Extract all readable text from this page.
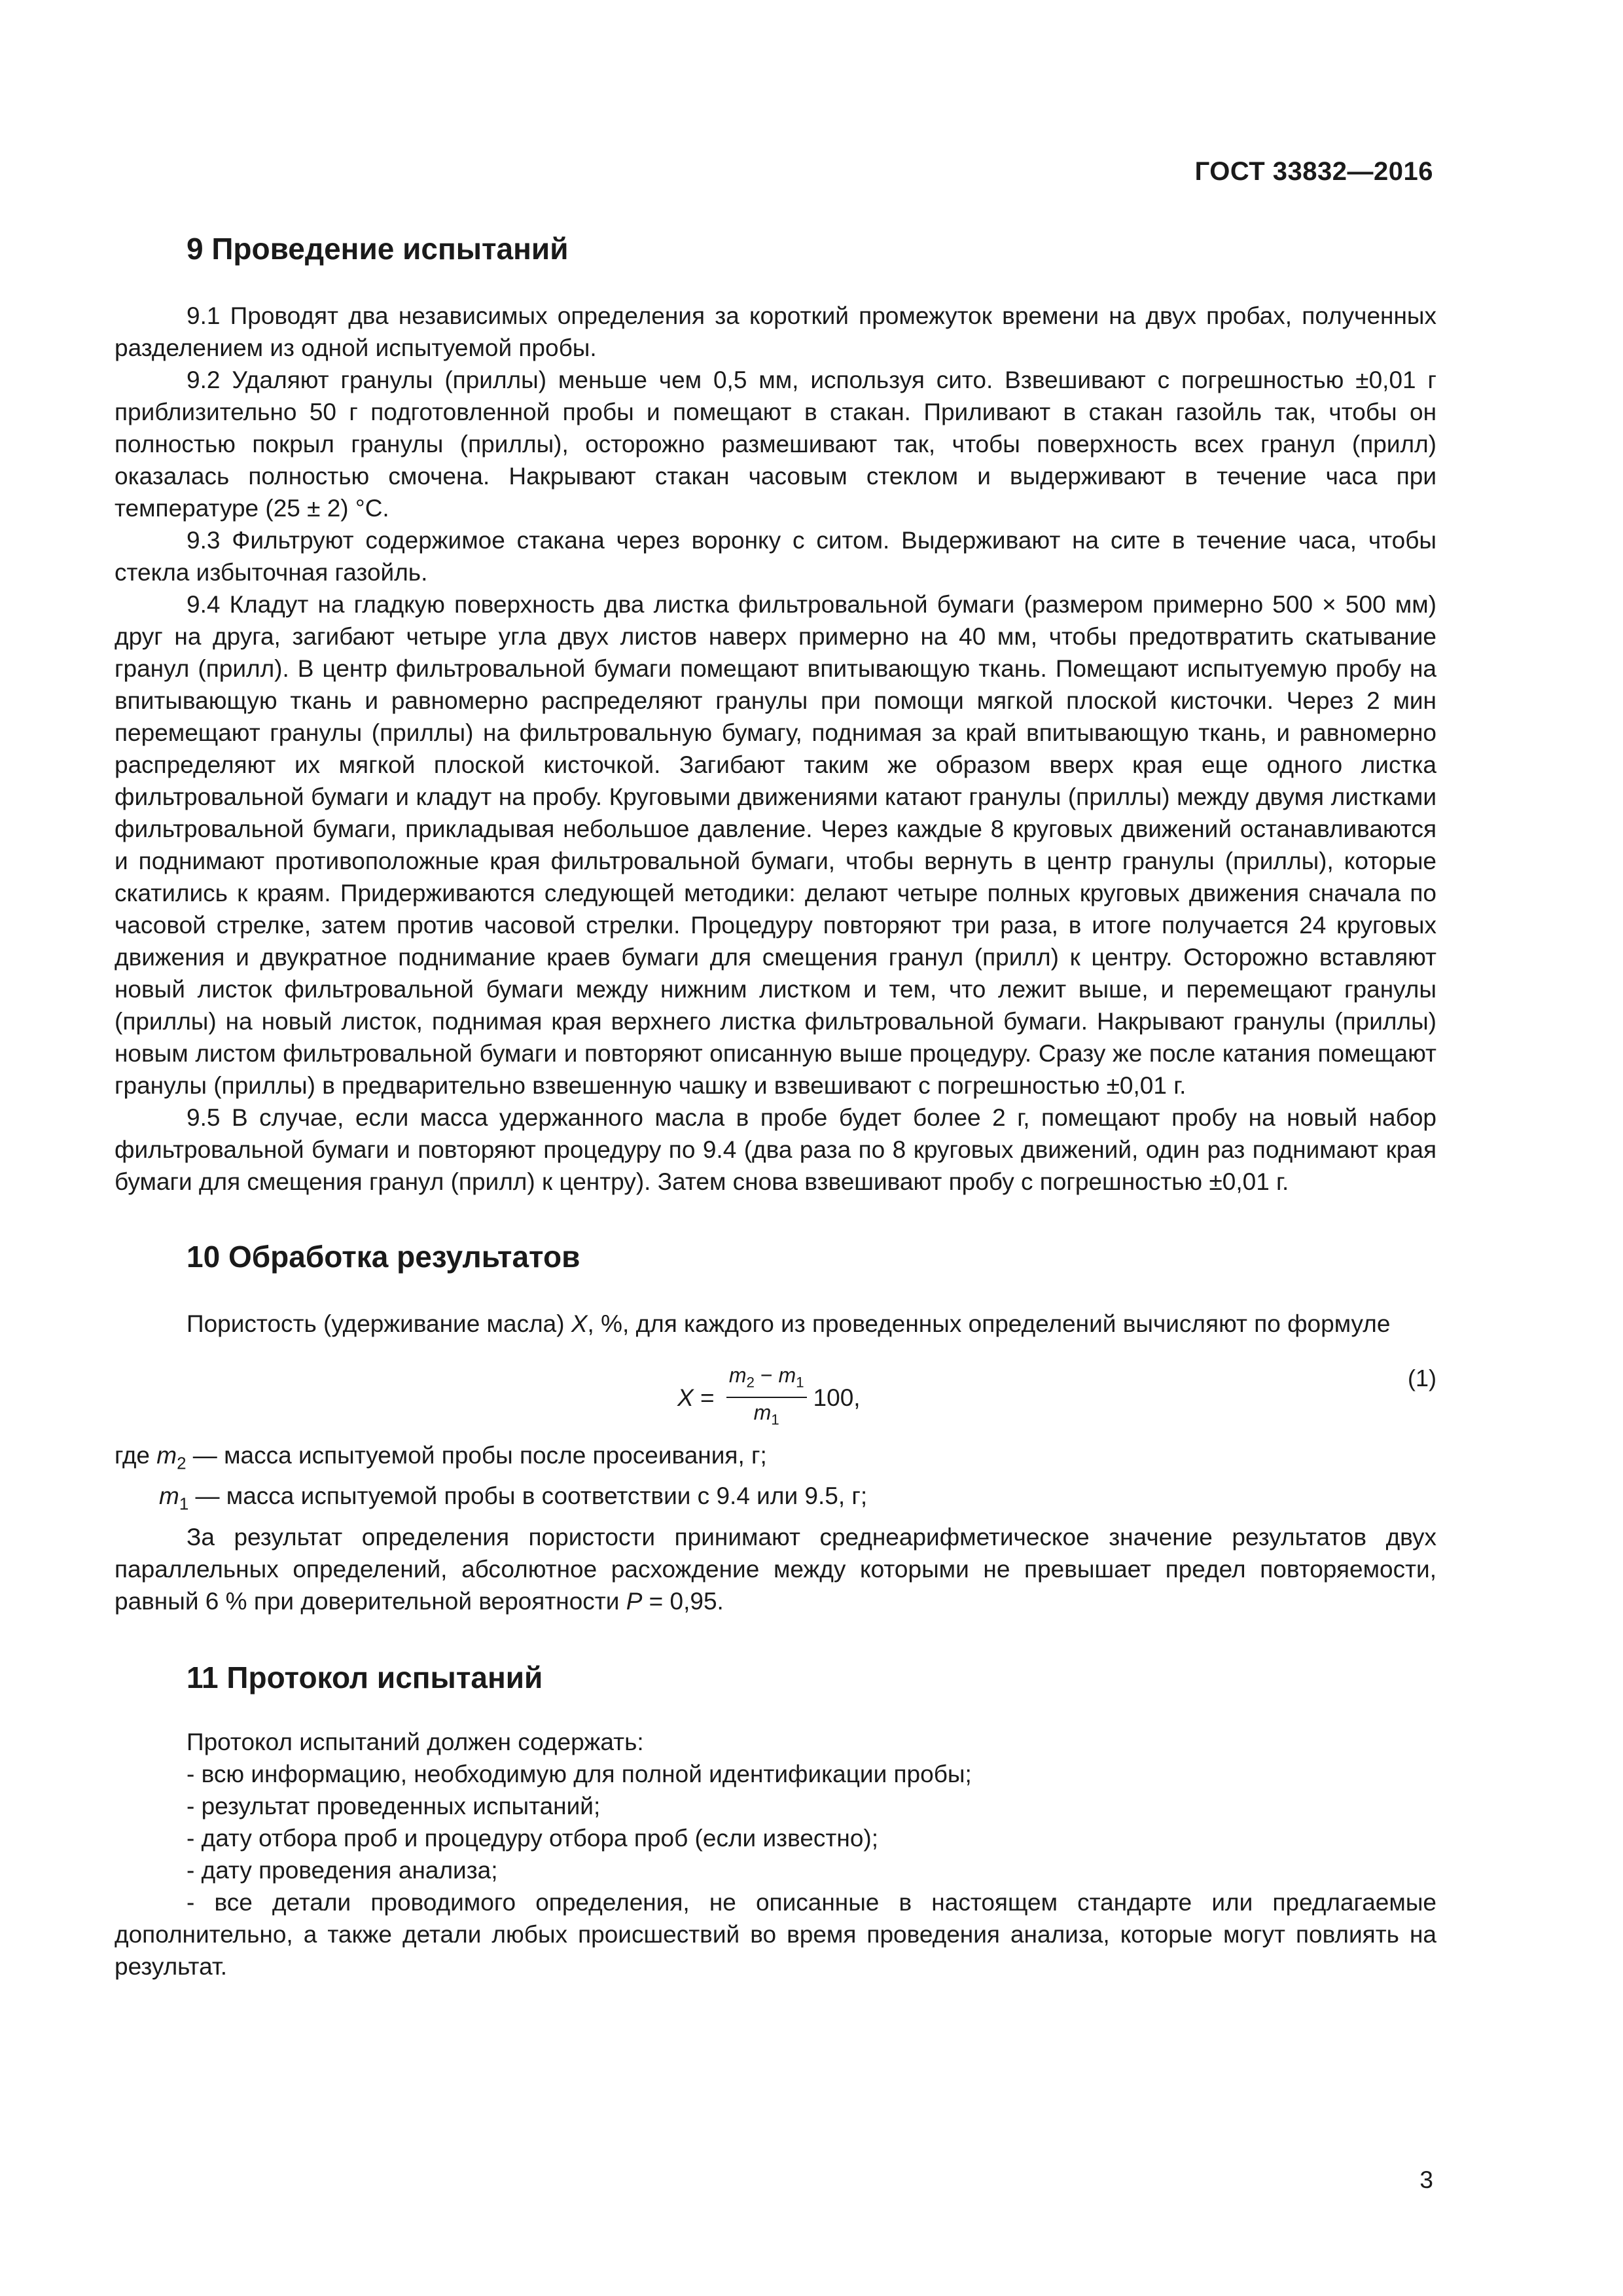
ГОСТ 33832—2016
9 Проведение испытаний

9.1 Проводят два независимых определения за короткий промежуток времени на двух пробах, полученных разделением из одной испытуемой пробы.

9.2 Удаляют гранулы (приллы) меньше чем 0,5 мм, используя сито. Взвешивают с погрешностью ±0,01 г приблизительно 50 г подготовленной пробы и помещают в стакан. Приливают в стакан газойль так, чтобы он полностью покрыл гранулы (приллы), осторожно размешивают так, чтобы поверхность всех гранул (прилл) оказалась полностью смочена. Накрывают стакан часовым стеклом и выдерживают в течение часа при температуре (25 ± 2) °С.

9.3 Фильтруют содержимое стакана через воронку с ситом. Выдерживают на сите в течение часа, чтобы стекла избыточная газойль.

9.4 Кладут на гладкую поверхность два листка фильтровальной бумаги (размером примерно 500 × 500 мм) друг на друга, загибают четыре угла двух листов наверх примерно на 40 мм, чтобы предотвратить скатывание гранул (прилл). В центр фильтровальной бумаги помещают впитывающую ткань. Помещают испытуемую пробу на впитывающую ткань и равномерно распределяют гранулы при помощи мягкой плоской кисточки. Через 2 мин перемещают гранулы (приллы) на фильтровальную бумагу, поднимая за край впитывающую ткань, и равномерно распределяют их мягкой плоской кисточкой. Загибают таким же образом вверх края еще одного листка фильтровальной бумаги и кладут на пробу. Круговыми движениями катают гранулы (приллы) между двумя листками фильтровальной бумаги, прикладывая небольшое давление. Через каждые 8 круговых движений останавливаются и поднимают противоположные края фильтровальной бумаги, чтобы вернуть в центр гранулы (приллы), которые скатились к краям. Придерживаются следующей методики: делают четыре полных круговых движения сначала по часовой стрелке, затем против часовой стрелки. Процедуру повторяют три раза, в итоге получается 24 круговых движения и двукратное поднимание краев бумаги для смещения гранул (прилл) к центру. Осторожно вставляют новый листок фильтровальной бумаги между нижним листком и тем, что лежит выше, и перемещают гранулы (приллы) на новый листок, поднимая края верхнего листка фильтровальной бумаги. Накрывают гранулы (приллы) новым листом фильтровальной бумаги и повторяют описанную выше процедуру. Сразу же после катания помещают гранулы (приллы) в предварительно взвешенную чашку и взвешивают с погрешностью ±0,01 г.

9.5 В случае, если масса удержанного масла в пробе будет более 2 г, помещают пробу на новый набор фильтровальной бумаги и повторяют процедуру по 9.4 (два раза по 8 круговых движений, один раз поднимают края бумаги для смещения гранул (прилл) к центру). Затем снова взвешивают пробу с погрешностью ±0,01 г.

10 Обработка результатов

Пористость (удерживание масла) X, %, для каждого из проведенных определений вычисляют по формуле

$X = \frac{m_2 - m_1}{m_1} 100$,
(1)

где $m_2$ — масса испытуемой пробы после просеивания, г;

$m_1$ — масса испытуемой пробы в соответствии с 9.4 или 9.5, г;

За результат определения пористости принимают среднеарифметическое значение результатов двух параллельных определений, абсолютное расхождение между которыми не превышает предел повторяемости, равный 6 % при доверительной вероятности P = 0,95.

11 Протокол испытаний

Протокол испытаний должен содержать:

- всю информацию, необходимую для полной идентификации пробы;

- результат проведенных испытаний;

- дату отбора проб и процедуру отбора проб (если известно);

- дату проведения анализа;

- все детали проводимого определения, не описанные в настоящем стандарте или предлагаемые дополнительно, а также детали любых происшествий во время проведения анализа, которые могут повлиять на результат.

3
